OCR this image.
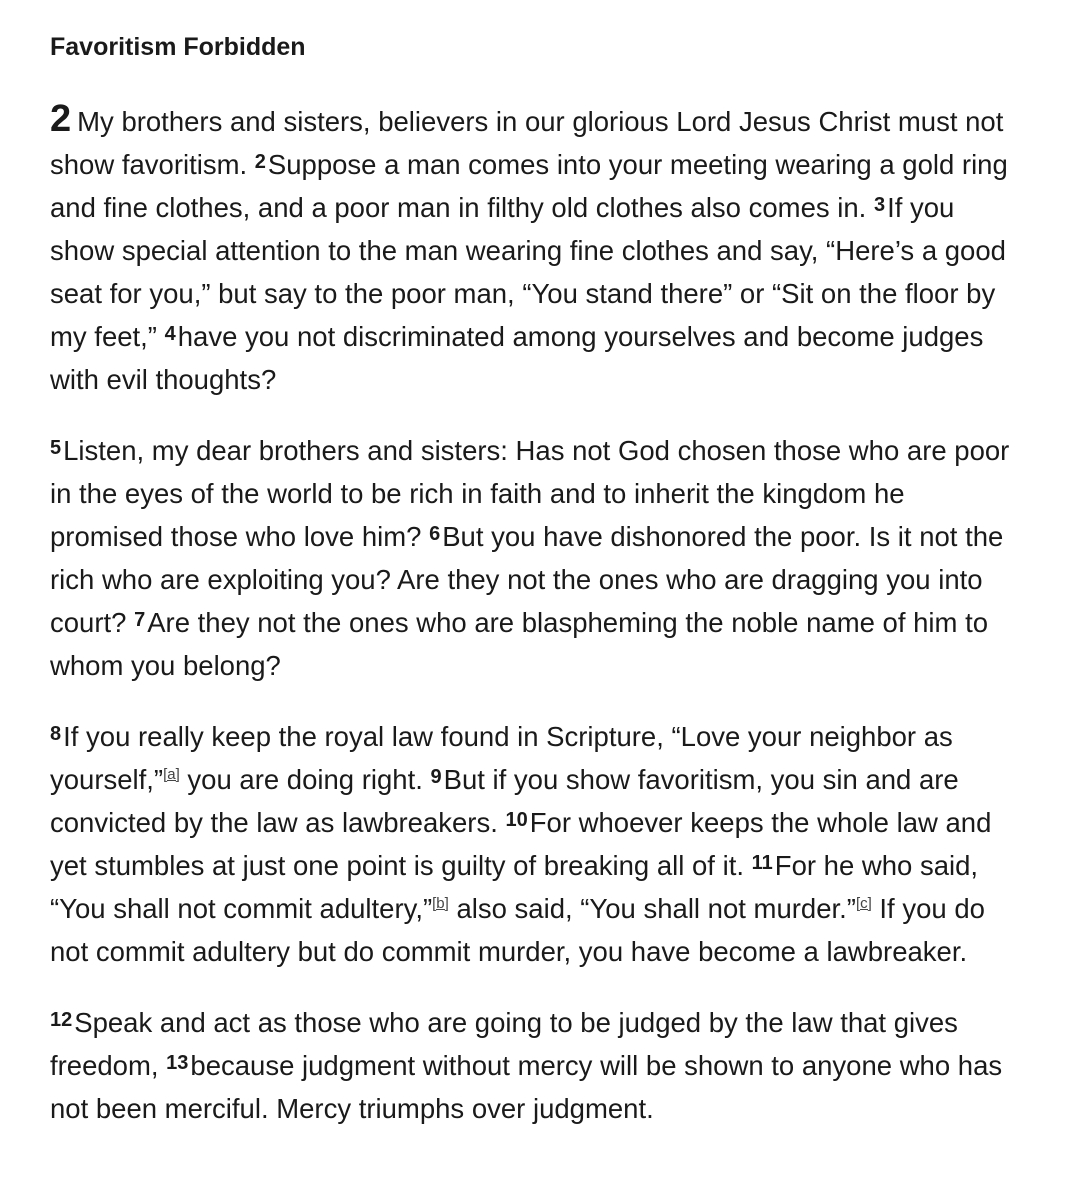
Favoritism Forbidden

2 My brothers and sisters, believers in our glorious Lord Jesus Christ must not show favoritism. $^2$Suppose a man comes into your meeting wearing a gold ring and fine clothes, and a poor man in filthy old clothes also comes in. $^3$If you show special attention to the man wearing fine clothes and say, “Here’s a good seat for you,” but say to the poor man, “You stand there” or “Sit on the floor by my feet,” $^4$have you not discriminated among yourselves and become judges with evil thoughts?

$^5$Listen, my dear brothers and sisters: Has not God chosen those who are poor in the eyes of the world to be rich in faith and to inherit the kingdom he promised those who love him? $^6$But you have dishonored the poor. Is it not the rich who are exploiting you? Are they not the ones who are dragging you into court? $^7$Are they not the ones who are blaspheming the noble name of him to whom you belong?

$^8$If you really keep the royal law found in Scripture, “Love your neighbor as yourself,”[a] you are doing right. $^9$But if you show favoritism, you sin and are convicted by the law as lawbreakers. $^{10}$For whoever keeps the whole law and yet stumbles at just one point is guilty of breaking all of it. $^{11}$For he who said, “You shall not commit adultery,”[b] also said, “You shall not murder.”[c] If you do not commit adultery but do commit murder, you have become a lawbreaker.

$^{12}$Speak and act as those who are going to be judged by the law that gives freedom, $^{13}$because judgment without mercy will be shown to anyone who has not been merciful. Mercy triumphs over judgment.
